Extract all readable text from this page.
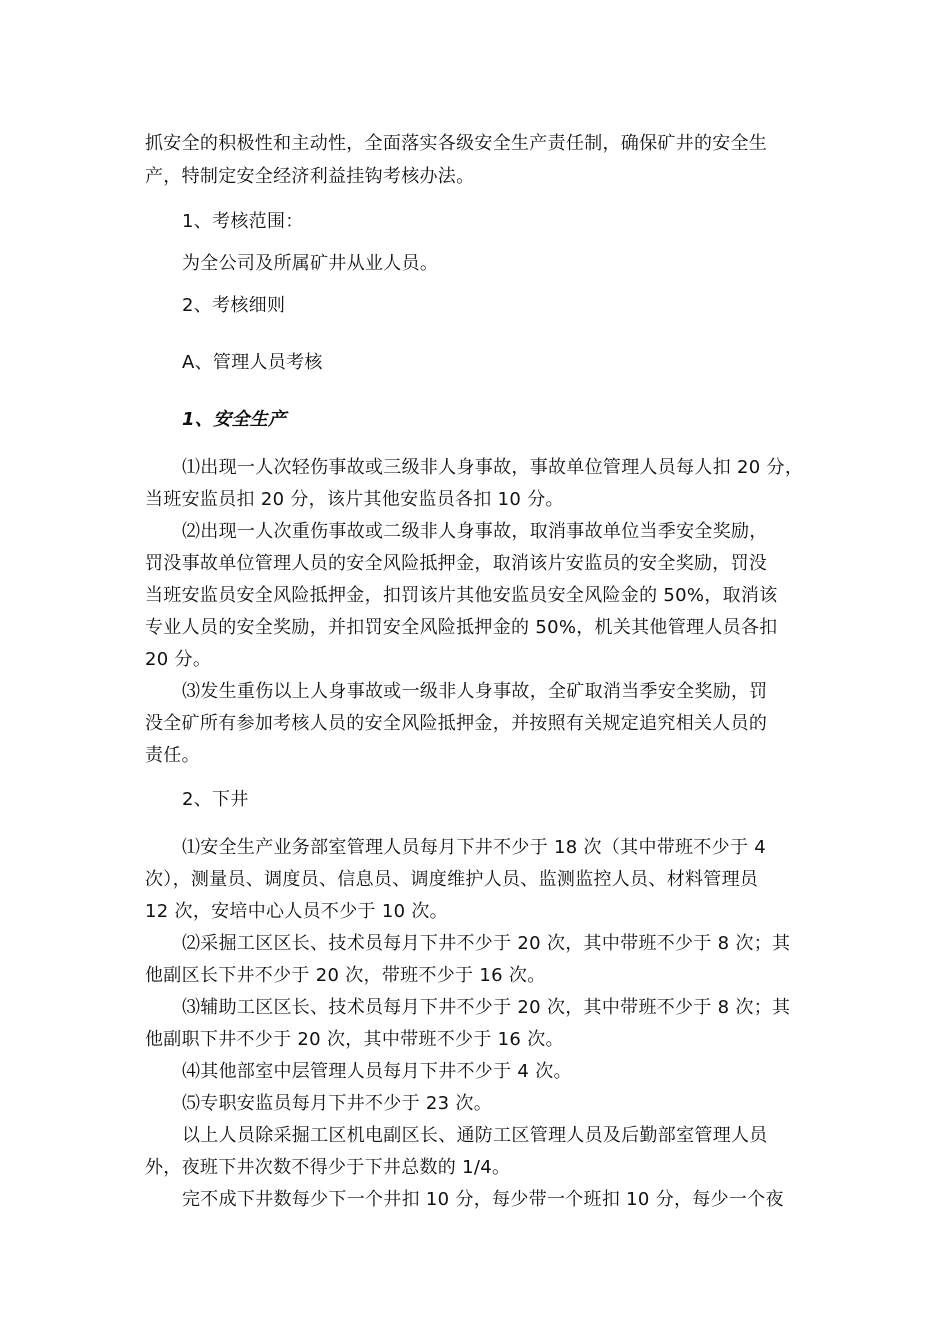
抓安全的积极性和主动性，全面落实各级安全生产责任制，确保矿井的安全生
产，特制定安全经济利益挂钩考核办法。
1、考核范围：
为全公司及所属矿井从业人员。
2、考核细则
A、管理人员考核
1、安全生产
⑴出现一人次轻伤事故或三级非人身事故，事故单位管理人员每人扣 20 分，
当班安监员扣 20 分，该片其他安监员各扣 10 分。
⑵出现一人次重伤事故或二级非人身事故，取消事故单位当季安全奖励，
罚没事故单位管理人员的安全风险抵押金，取消该片安监员的安全奖励，罚没
当班安监员安全风险抵押金，扣罚该片其他安监员安全风险金的 50%，取消该
专业人员的安全奖励，并扣罚安全风险抵押金的 50%，机关其他管理人员各扣
20 分。
⑶发生重伤以上人身事故或一级非人身事故，全矿取消当季安全奖励，罚
没全矿所有参加考核人员的安全风险抵押金，并按照有关规定追究相关人员的
责任。
2、下井
⑴安全生产业务部室管理人员每月下井不少于 18 次（其中带班不少于 4
次），测量员、调度员、信息员、调度维护人员、监测监控人员、材料管理员
12 次，安培中心人员不少于 10 次。
⑵采掘工区区长、技术员每月下井不少于 20 次，其中带班不少于 8 次；其
他副区长下井不少于 20 次，带班不少于 16 次。
⑶辅助工区区长、技术员每月下井不少于 20 次，其中带班不少于 8 次；其
他副职下井不少于 20 次，其中带班不少于 16 次。
⑷其他部室中层管理人员每月下井不少于 4 次。
⑸专职安监员每月下井不少于 23 次。
以上人员除采掘工区机电副区长、通防工区管理人员及后勤部室管理人员
外，夜班下井次数不得少于下井总数的 1/4。
完不成下井数每少下一个井扣 10 分，每少带一个班扣 10 分，每少一个夜
